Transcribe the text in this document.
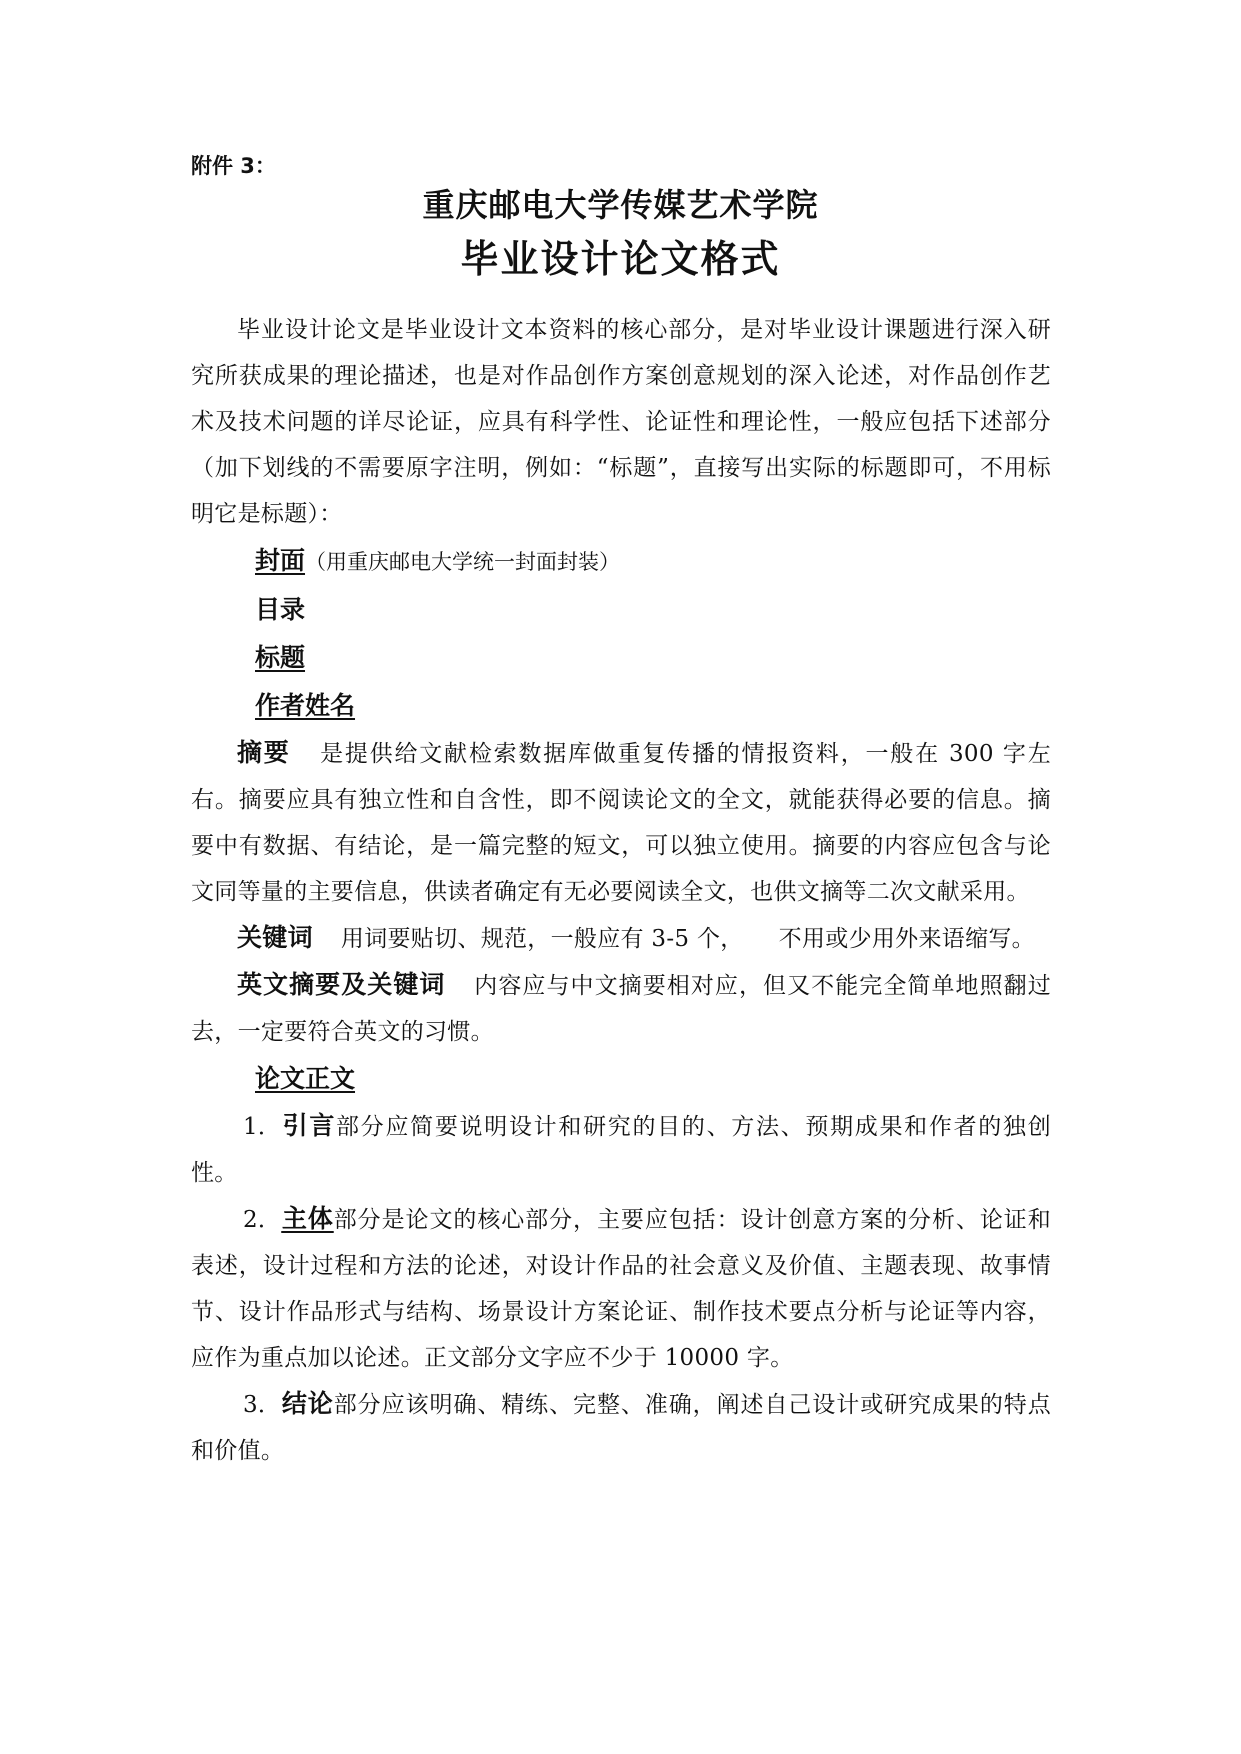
附件 3：
重庆邮电大学传媒艺术学院
毕业设计论文格式

毕业设计论文是毕业设计文本资料的核心部分，是对毕业设计课题进行深入研究所获成果的理论描述，也是对作品创作方案创意规划的深入论述，对作品创作艺术及技术问题的详尽论证，应具有科学性、论证性和理论性，一般应包括下述部分（加下划线的不需要原字注明，例如：“标题”，直接写出实际的标题即可，不用标明它是标题）：

封面（用重庆邮电大学统一封面封装）

目录

标题

作者姓名

摘要 是提供给文献检索数据库做重复传播的情报资料，一般在 300 字左右。摘要应具有独立性和自含性，即不阅读论文的全文，就能获得必要的信息。摘要中有数据、有结论，是一篇完整的短文，可以独立使用。摘要的内容应包含与论文同等量的主要信息，供读者确定有无必要阅读全文，也供文摘等二次文献采用。

关键词 用词要贴切、规范，一般应有 3-5 个，　　不用或少用外来语缩写。

英文摘要及关键词 内容应与中文摘要相对应，但又不能完全简单地照翻过去，一定要符合英文的习惯。

论文正文

1．引言部分应简要说明设计和研究的目的、方法、预期成果和作者的独创性。

2．主体部分是论文的核心部分，主要应包括：设计创意方案的分析、论证和表述，设计过程和方法的论述，对设计作品的社会意义及价值、主题表现、故事情节、设计作品形式与结构、场景设计方案论证、制作技术要点分析与论证等内容，应作为重点加以论述。正文部分文字应不少于 10000 字。

3．结论部分应该明确、精练、完整、准确，阐述自己设计或研究成果的特点和价值。
